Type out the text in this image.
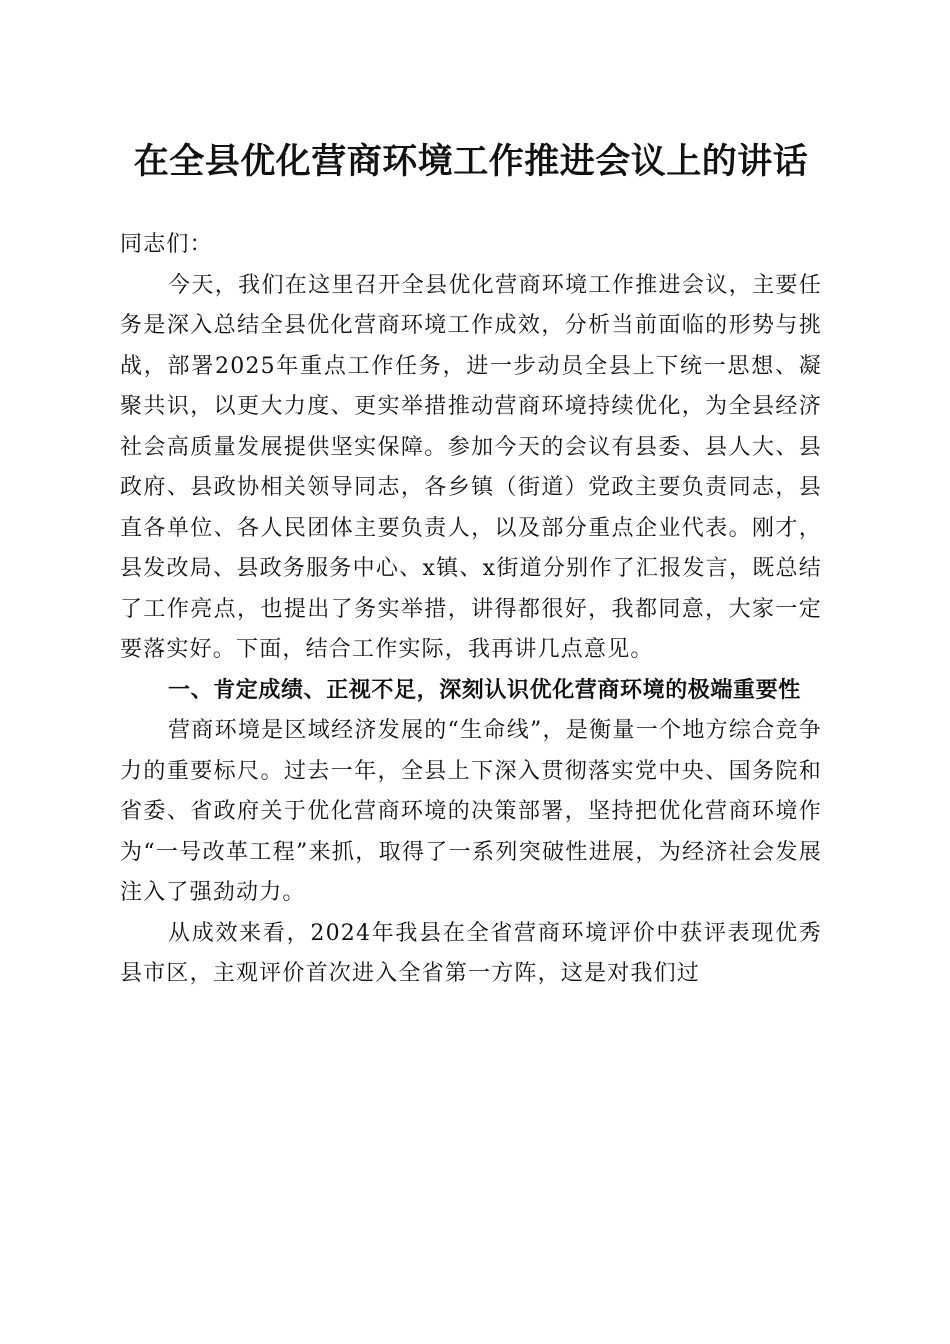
在全县优化营商环境工作推进会议上的讲话

同志们：

今天，我们在这里召开全县优化营商环境工作推进会议，主要任务是深入总结全县优化营商环境工作成效，分析当前面临的形势与挑战，部署2025年重点工作任务，进一步动员全县上下统一思想、凝聚共识，以更大力度、更实举措推动营商环境持续优化，为全县经济社会高质量发展提供坚实保障。参加今天的会议有县委、县人大、县政府、县政协相关领导同志，各乡镇（街道）党政主要负责同志，县直各单位、各人民团体主要负责人，以及部分重点企业代表。刚才，县发改局、县政务服务中心、x镇、x街道分别作了汇报发言，既总结了工作亮点，也提出了务实举措，讲得都很好，我都同意，大家一定要落实好。下面，结合工作实际，我再讲几点意见。

一、肯定成绩、正视不足，深刻认识优化营商环境的极端重要性

营商环境是区域经济发展的“生命线”，是衡量一个地方综合竞争力的重要标尺。过去一年，全县上下深入贯彻落实党中央、国务院和省委、省政府关于优化营商环境的决策部署，坚持把优化营商环境作为“一号改革工程”来抓，取得了一系列突破性进展，为经济社会发展注入了强劲动力。

从成效来看，2024年我县在全省营商环境评价中获评表现优秀县市区，主观评价首次进入全省第一方阵，这是对我们过
